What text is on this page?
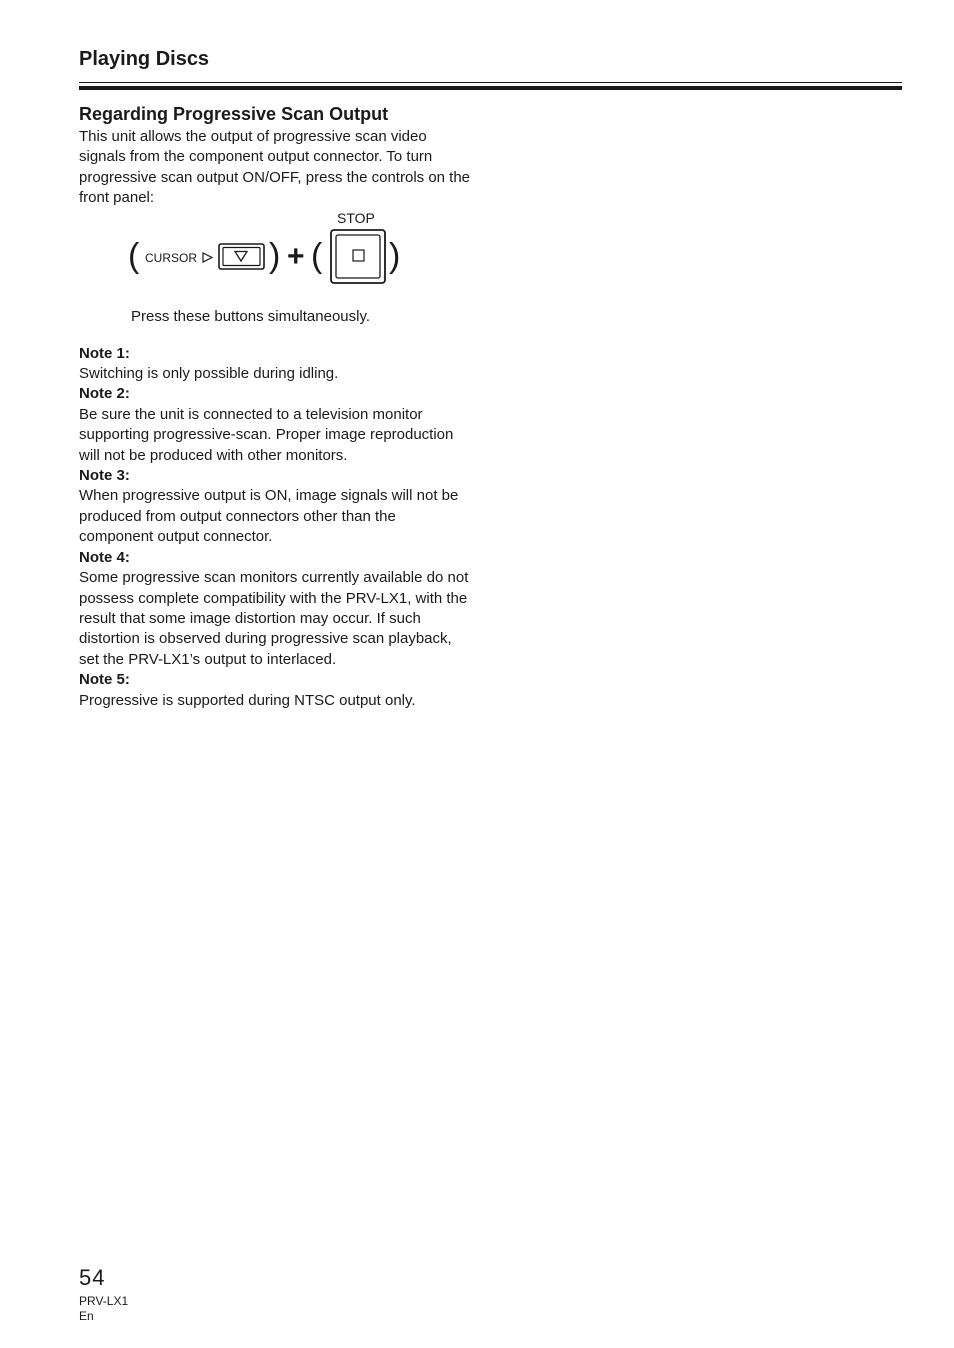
Playing Discs
Regarding Progressive Scan Output

This unit allows the output of progressive scan video signals from the component output connector. To turn progressive scan output ON/OFF, press the controls on the front panel:

( CURSOR ) + (
STOP
)
Press these buttons simultaneously.

Note 1:

Switching is only possible during idling.

Note 2:

Be sure the unit is connected to a television monitor supporting progressive-scan. Proper image reproduction will not be produced with other monitors.

Note 3:

When progressive output is ON, image signals will not be produced from output connectors other than the component output connector.

Note 4:

Some progressive scan monitors currently available do not possess complete compatibility with the PRV-LX1, with the result that some image distortion may occur. If such distortion is observed during progressive scan playback, set the PRV-LX1’s output to interlaced.

Note 5:

Progressive is supported during NTSC output only.

54
PRV-LX1
En
